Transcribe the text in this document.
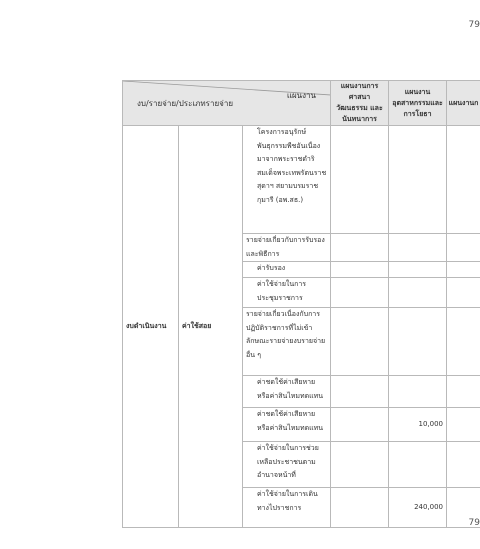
79
แผนงาน
งบ/รายจ่าย/ประเภทรายจ่าย			แผนงานการศาสนา วัฒนธรรม และนันทนาการ	แผนงาน อุตสาหกรรมและการโยธา	แผนงานก
งบดำเนินงาน	ค่าใช้สอย	โครงการอนุรักษ์พันธุกรรมพืชอันเนื่องมาจากพระราชดำริสมเด็จพระเทพรัตนราชสุดาฯ สยามบรมราชกุมารี (อพ.สธ.)			
		รายจ่ายเกี่ยวกับการรับรองและพิธีการ			
		ค่ารับรอง			
		ค่าใช้จ่ายในการประชุมราชการ			
		รายจ่ายเกี่ยวเนื่องกับการปฏิบัติราชการที่ไม่เข้าลักษณะรายจ่ายงบรายจ่ายอื่น ๆ			
		ค่าชดใช้ค่าเสียหายหรือค่าสินไหมทดแทน			
		ค่าชดใช้ค่าเสียหายหรือค่าสินไหมทดแทน		10,000	
		ค่าใช้จ่ายในการช่วยเหลือประชาชนตามอำนาจหน้าที่			
		ค่าใช้จ่ายในการเดินทางไปราชการ		240,000	
79
